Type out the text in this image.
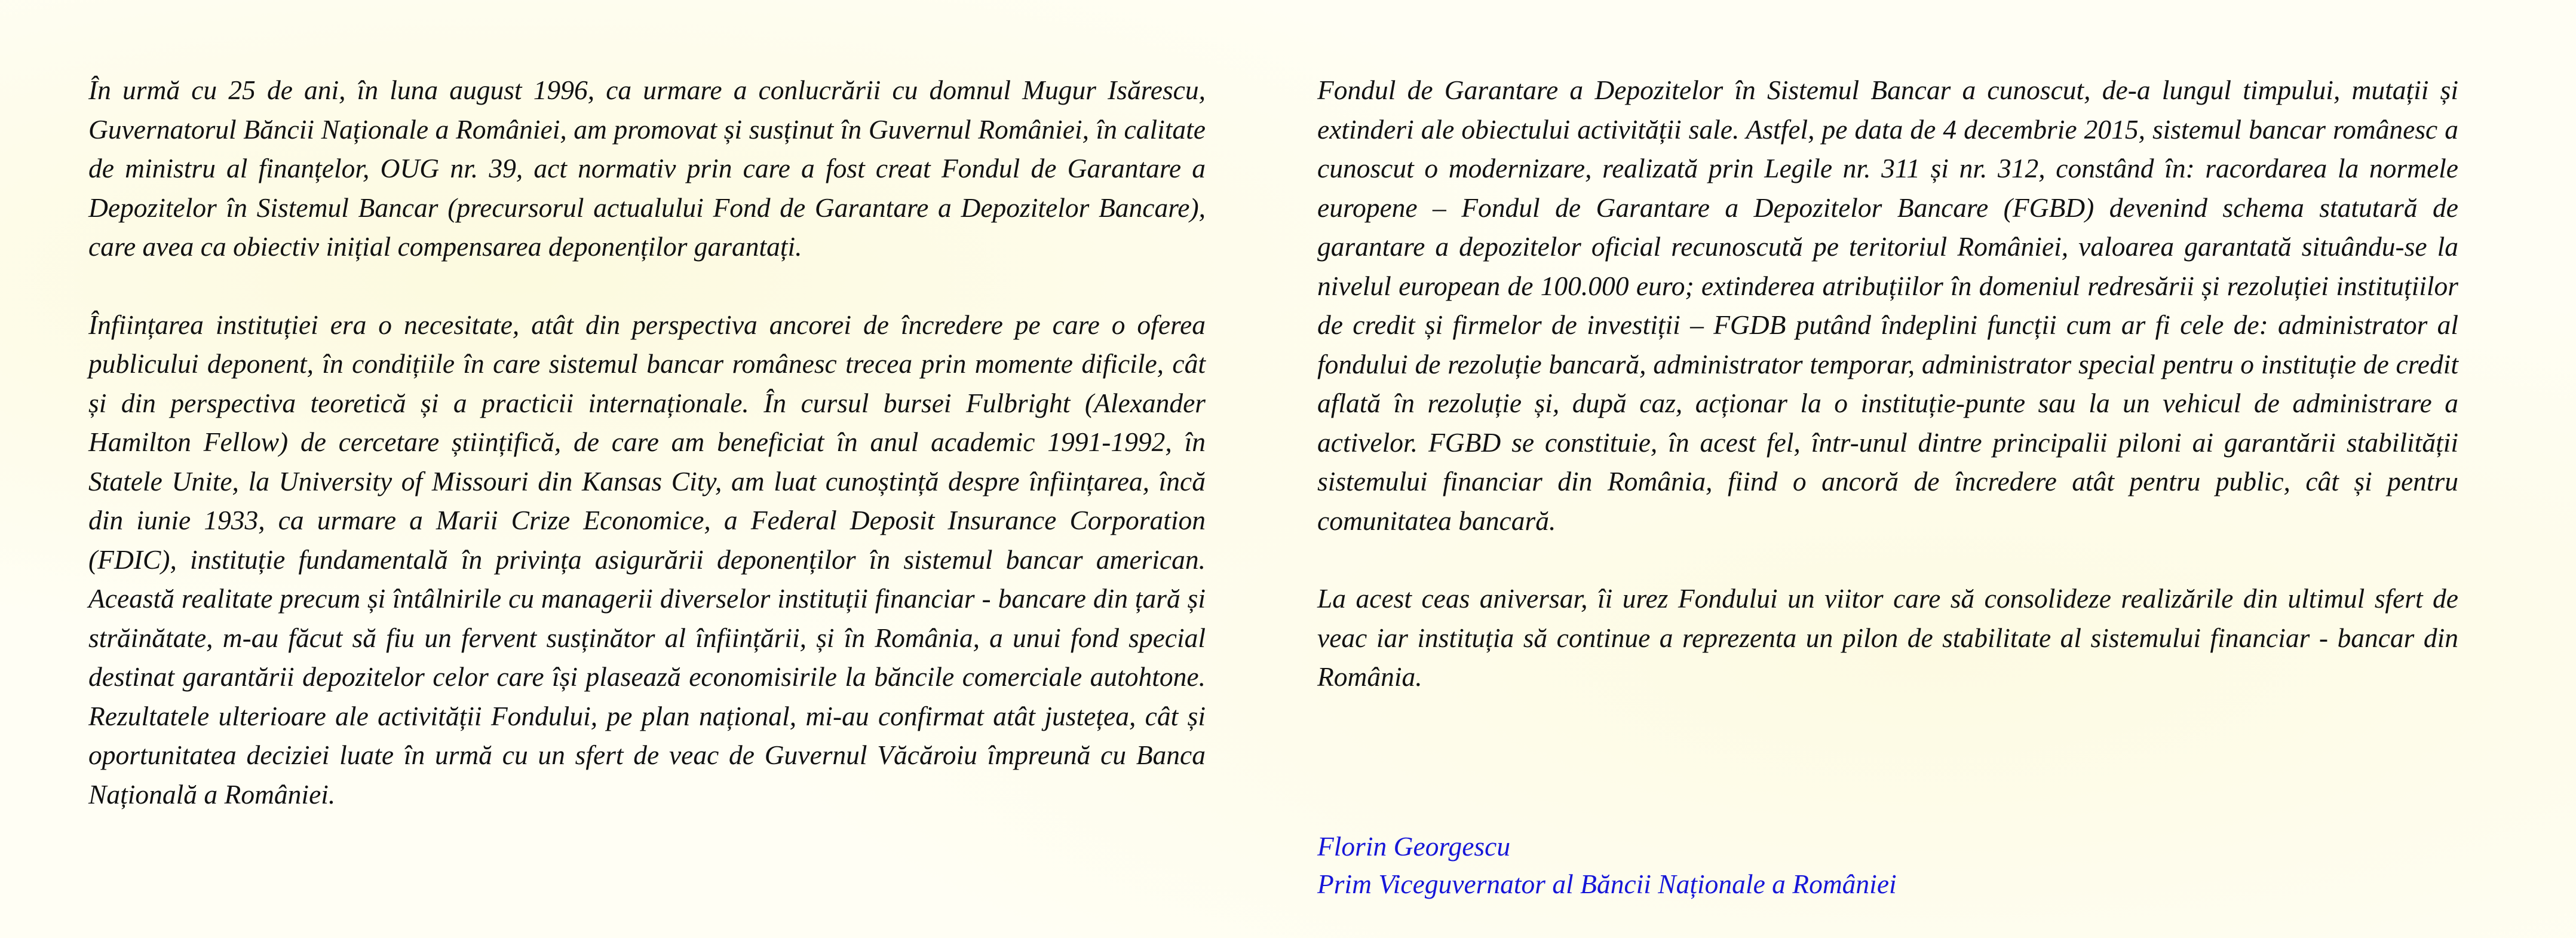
În urmă cu 25 de ani, în luna august 1996, ca urmare a conlucrării cu domnul Mugur Isărescu, Guvernatorul Băncii Naționale a României, am promovat și susținut în Guvernul României, în calitate de ministru al finanțelor, OUG nr. 39, act normativ prin care a fost creat Fondul de Garantare a Depozitelor în Sistemul Bancar (precursorul actualului Fond de Garantare a Depozitelor Bancare), care avea ca obiectiv inițial compensarea deponenților garantați.

Înființarea instituției era o necesitate, atât din perspectiva ancorei de încredere pe care o oferea publicului deponent, în condițiile în care sistemul bancar românesc trecea prin momente dificile, cât și din perspectiva teoretică și a practicii internaționale. În cursul bursei Fulbright (Alexander Hamilton Fellow) de cercetare științifică, de care am beneficiat în anul academic 1991-1992, în Statele Unite, la University of Missouri din Kansas City, am luat cunoștință despre înființarea, încă din iunie 1933, ca urmare a Marii Crize Economice, a Federal Deposit Insurance Corporation (FDIC), instituție fundamentală în privința asigurării deponenților în sistemul bancar american. Această realitate precum și întâlnirile cu managerii diverselor instituții financiar - bancare din țară și străinătate, m-au făcut să fiu un fervent susținător al înființării, și în România, a unui fond special destinat garantării depozitelor celor care își plasează economisirile la băncile comerciale autohtone. Rezultatele ulterioare ale activității Fondului, pe plan național, mi-au confirmat atât justețea, cât și oportunitatea deciziei luate în urmă cu un sfert de veac de Guvernul Văcăroiu împreună cu Banca Națională a României.

Fondul de Garantare a Depozitelor în Sistemul Bancar a cunoscut, de-a lungul timpului, mutații și extinderi ale obiectului activității sale. Astfel, pe data de 4 decembrie 2015, sistemul bancar românesc a cunoscut o modernizare, realizată prin Legile nr. 311 și nr. 312, constând în: racordarea la normele europene – Fondul de Garantare a Depozitelor Bancare (FGBD) devenind schema statutară de garantare a depozitelor oficial recunoscută pe teritoriul României, valoarea garantată situându-se la nivelul european de 100.000 euro; extinderea atribuțiilor în domeniul redresării și rezoluției instituțiilor de credit și firmelor de investiții – FGDB putând îndeplini funcții cum ar fi cele de: administrator al fondului de rezoluție bancară, administrator temporar, administrator special pentru o instituție de credit aflată în rezoluție și, după caz, acționar la o instituție-punte sau la un vehicul de administrare a activelor. FGBD se constituie, în acest fel, într-unul dintre principalii piloni ai garantării stabilității sistemului financiar din România, fiind o ancoră de încredere atât pentru public, cât și pentru comunitatea bancară.

La acest ceas aniversar, îi urez Fondului un viitor care să consolideze realizările din ultimul sfert de veac iar instituția să continue a reprezenta un pilon de stabilitate al sistemului financiar - bancar din România.

Florin Georgescu
Prim Viceguvernator al Băncii Naționale a României
